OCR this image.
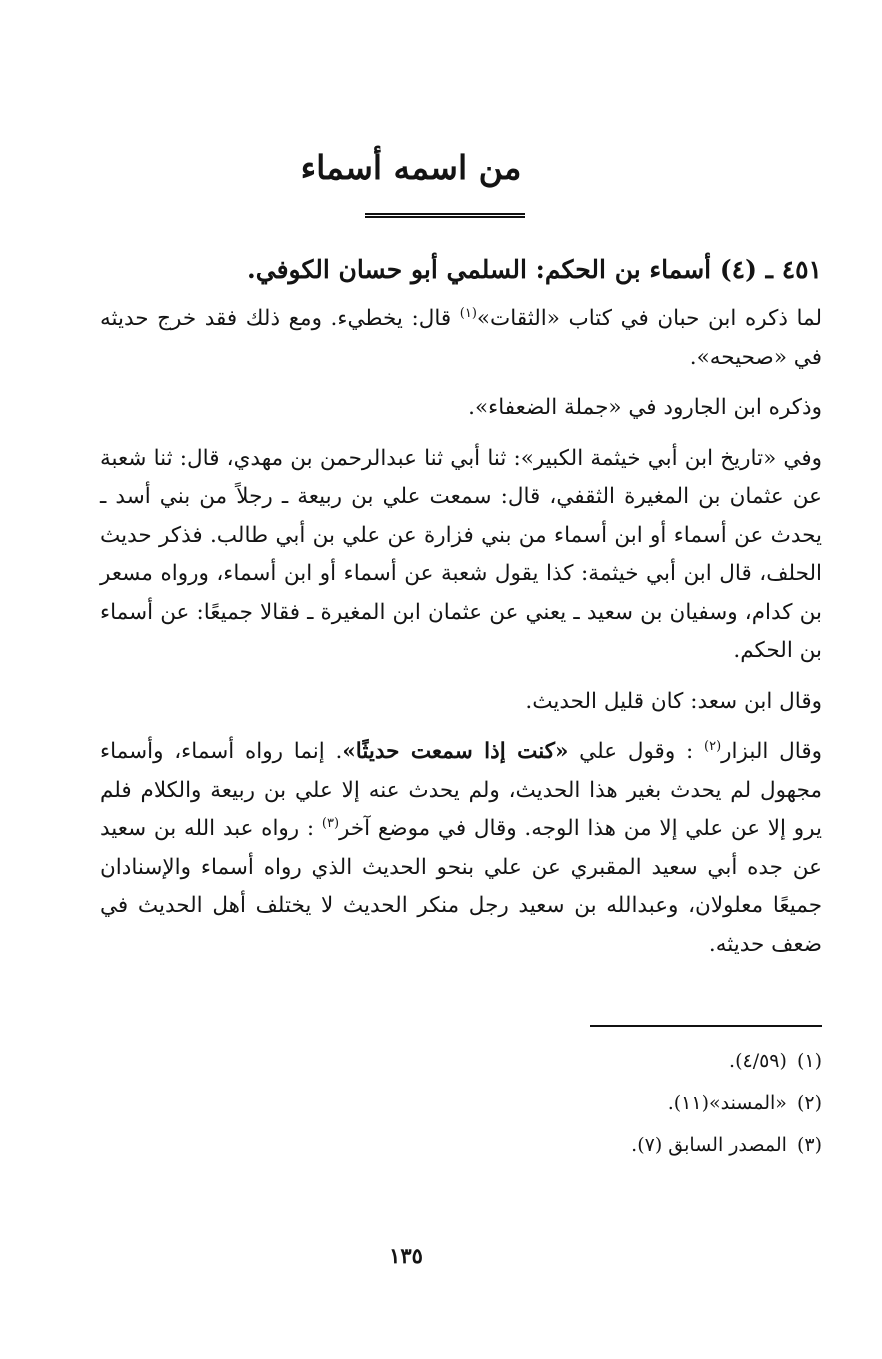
من اسمه أسماء
٤٥١ ـ (٤) أسماء بن الحكم: السلمي أبو حسان الكوفي.

لما ذكره ابن حبان في كتاب «الثقات»$^{(١)}$ قال: يخطيء. ومع ذلك فقد خرج حديثه في «صحيحه».

وذكره ابن الجارود في «جملة الضعفاء».

وفي «تاريخ ابن أبي خيثمة الكبير»: ثنا أبي ثنا عبدالرحمن بن مهدي، قال: ثنا شعبة عن عثمان بن المغيرة الثقفي، قال: سمعت علي بن ربيعة ـ رجلاً من بني أسد ـ يحدث عن أسماء أو ابن أسماء من بني فزارة عن علي بن أبي طالب. فذكر حديث الحلف، قال ابن أبي خيثمة: كذا يقول شعبة عن أسماء أو ابن أسماء، ورواه مسعر بن كدام، وسفيان بن سعيد ـ يعني عن عثمان ابن المغيرة ـ فقالا جميعًا: عن أسماء بن الحكم.

وقال ابن سعد: كان قليل الحديث.

وقال البزار$^{(٢)}$ : وقول علي «كنت إذا سمعت حديثًا». إنما رواه أسماء، وأسماء مجهول لم يحدث بغير هذا الحديث، ولم يحدث عنه إلا علي بن ربيعة والكلام فلم يرو إلا عن علي إلا من هذا الوجه. وقال في موضع آخر$^{(٣)}$ : رواه عبد الله بن سعيد عن جده أبي سعيد المقبري عن علي بنحو الحديث الذي رواه أسماء والإسنادان جميعًا معلولان، وعبدالله بن سعيد رجل منكر الحديث لا يختلف أهل الحديث في ضعف حديثه.

(١)(٤/٥٩).

(٢)«المسند»(١١).

(٣)المصدر السابق (٧).

١٣٥
